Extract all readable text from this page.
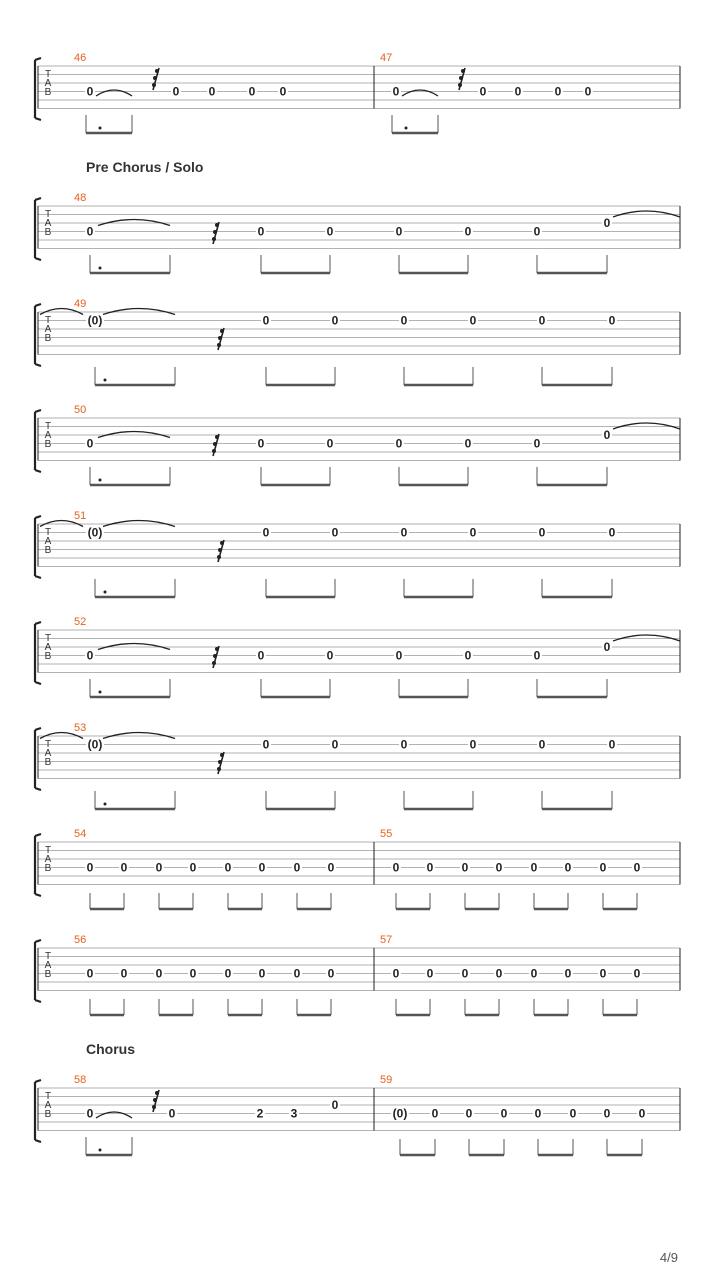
Pre Chorus / Solo
Chorus
T
A
B
46
0	0 0	0 0
47
0	0 0	0 0
T
A
B
48
0	0	0	0	0	0
0
T
A
B
49
(0)	0	0	0	0	0	0
T
A
B
50
0	0	0	0	0	0
0
T
A
B
51
(0)	0	0	0	0	0	0
T
A
B
52
0	0	0	0	0	0
0
T
A
B
53
(0)	0	0	0	0	0	0
T
A
B
54
0 0 0 0 0 0 0 0
55
0 0 0 0 0 0 0 0
T
A
B
56
0 0 0 0 0 0 0 0
57
0 0 0 0 0 0 0 0
T
A
B
58
0	0	2 3
0
59
(0) 0 0 0 0 0 0 0
4/9
